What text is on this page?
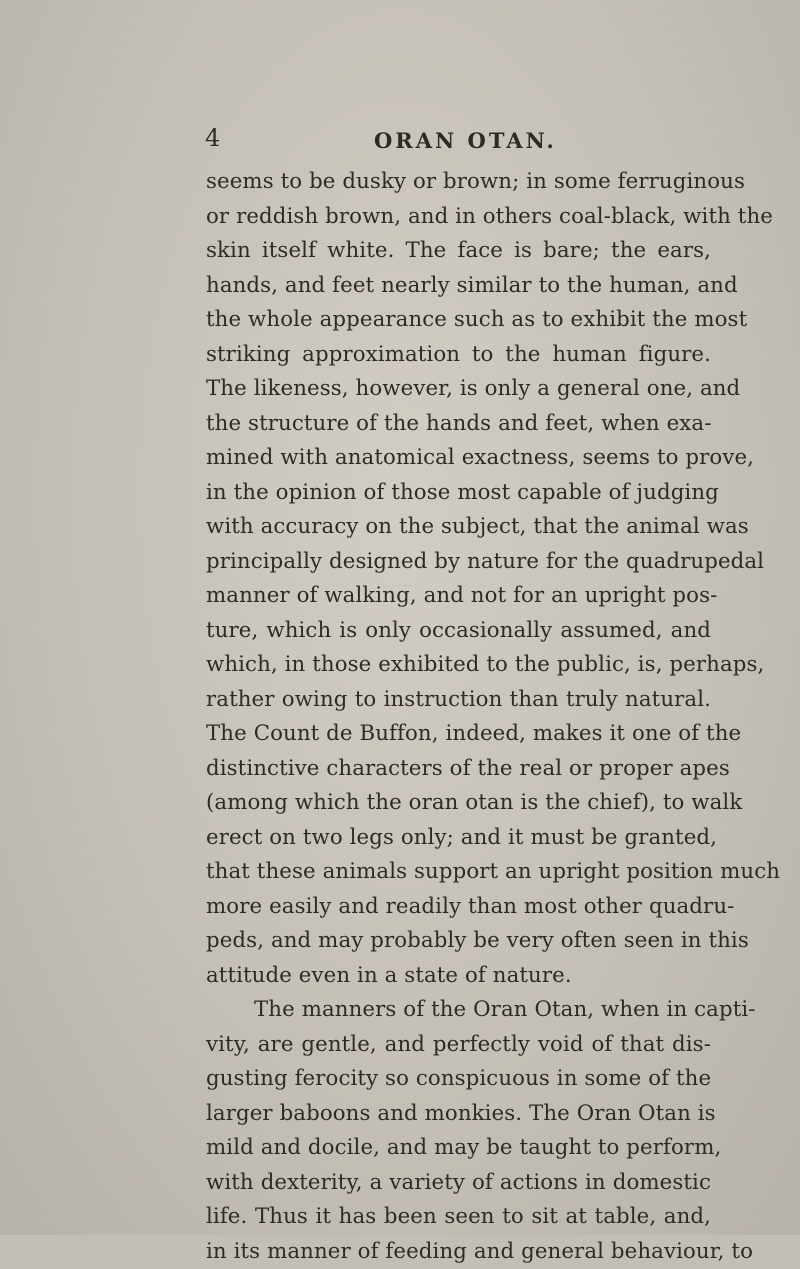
4	ORAN OTAN.
seems to be dusky or brown; in some ferruginous
or reddish brown, and in others coal-black, with the
skin itself white. The face is bare; the ears,
hands, and feet nearly similar to the human, and
the whole appearance such as to exhibit the most
striking approximation to the human figure.
The likeness, however, is only a general one, and
the structure of the hands and feet, when exa-
mined with anatomical exactness, seems to prove,
in the opinion of those most capable of judging
with accuracy on the subject, that the animal was
principally designed by nature for the quadrupedal
manner of walking, and not for an upright pos-
ture, which is only occasionally assumed, and
which, in those exhibited to the public, is, perhaps,
rather owing to instruction than truly natural.
The Count de Buffon, indeed, makes it one of the
distinctive characters of the real or proper apes
(among which the oran otan is the chief), to walk
erect on two legs only; and it must be granted,
that these animals support an upright position much
more easily and readily than most other quadru-
peds, and may probably be very often seen in this
attitude even in a state of nature.
The manners of the Oran Otan, when in capti-
vity, are gentle, and perfectly void of that dis-
gusting ferocity so conspicuous in some of the
larger baboons and monkies. The Oran Otan is
mild and docile, and may be taught to perform,
with dexterity, a variety of actions in domestic
life. Thus it has been seen to sit at table, and,
in its manner of feeding and general behaviour, to
